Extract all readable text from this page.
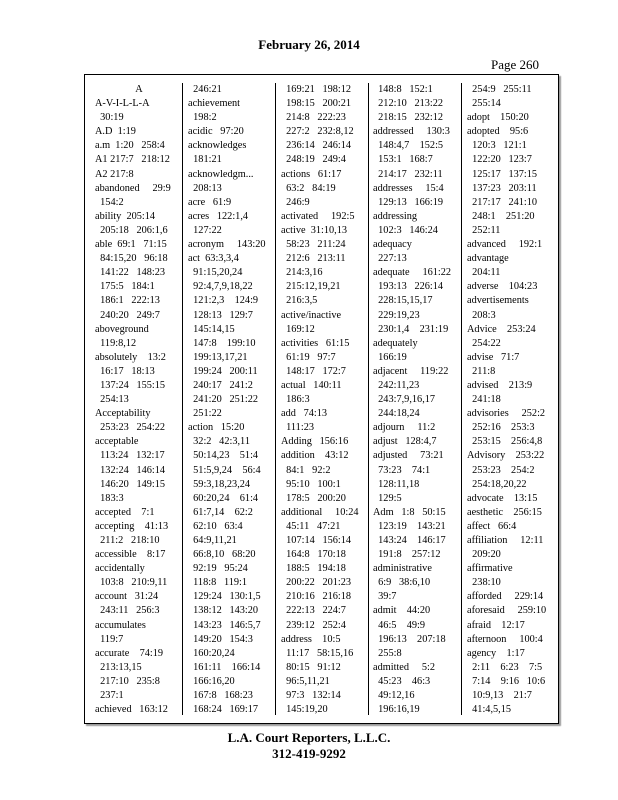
February 26, 2014
Page 260
A
A-V-I-L-L-A
30:19
A.D  1:19
a.m  1:20   258:4
A1 217:7   218:12
A2 217:8
abandoned     29:9
154:2
ability  205:14
205:18   206:1,6
able  69:1   71:15
84:15,20   96:18
141:22   148:23
175:5   184:1
186:1   222:13
240:20   249:7
aboveground
119:8,12
absolutely    13:2
16:17   18:13
137:24   155:15
254:13
Acceptability
253:23   254:22
acceptable
113:24   132:17
132:24   146:14
146:20   149:15
183:3
accepted    7:1
accepting    41:13
211:2   218:10
accessible    8:17
accidentally
103:8   210:9,11
account   31:24
243:11   256:3
accumulates
119:7
accurate    74:19
213:13,15
217:10   235:8
237:1
achieved   163:12
246:21
achievement
198:2
acidic   97:20
acknowledges
181:21
acknowledgm...
208:13
acre   61:9
acres   122:1,4
127:22
acronym     143:20
act  63:3,3,4
91:15,20,24
92:4,7,9,18,22
121:2,3    124:9
128:13   129:7
145:14,15
147:8    199:10
199:13,17,21
199:24   200:11
240:17   241:2
241:20   251:22
251:22
action   15:20
32:2   42:3,11
50:14,23    51:4
51:5,9,24    56:4
59:3,18,23,24
60:20,24    61:4
61:7,14    62:2
62:10   63:4
64:9,11,21
66:8,10   68:20
92:19   95:24
118:8   119:1
129:24   130:1,5
138:12   143:20
143:23   146:5,7
149:20   154:3
160:20,24
161:11    166:14
166:16,20
167:8   168:23
168:24   169:17
169:21   198:12
198:15   200:21
214:8   222:23
227:2   232:8,12
236:14   246:14
248:19   249:4
actions   61:17
63:2   84:19
246:9
activated     192:5
active  31:10,13
58:23   211:24
212:6   213:11
214:3,16
215:12,19,21
216:3,5
active/inactive
169:12
activities   61:15
61:19   97:7
148:17   172:7
actual   140:11
186:3
add   74:13
111:23
Adding   156:16
addition    43:12
84:1   92:2
95:10   100:1
178:5   200:20
additional     10:24
45:11   47:21
107:14   156:14
164:8   170:18
188:5   194:18
200:22   201:23
210:16   216:18
222:13   224:7
239:12   252:4
address    10:5
11:17   58:15,16
80:15   91:12
96:5,11,21
97:3   132:14
145:19,20
148:8   152:1
212:10   213:22
218:15   232:12
addressed     130:3
148:4,7    152:5
153:1   168:7
214:17   232:11
addresses     15:4
129:13   166:19
addressing
102:3   146:24
adequacy
227:13
adequate     161:22
193:13   226:14
228:15,15,17
229:19,23
230:1,4    231:19
adequately
166:19
adjacent     119:22
242:11,23
243:7,9,16,17
244:18,24
adjourn     11:2
adjust   128:4,7
adjusted     73:21
73:23    74:1
128:11,18
129:5
Adm   1:8   50:15
123:19    143:21
143:24    146:17
191:8    257:12
administrative
6:9   38:6,10
39:7
admit    44:20
46:5    49:9
196:13    207:18
255:8
admitted     5:2
45:23    46:3
49:12,16
196:16,19
254:9   255:11
255:14
adopt    150:20
adopted    95:6
120:3   121:1
122:20   123:7
125:17   137:15
137:23   203:11
217:17   241:10
248:1    251:20
252:11
advanced     192:1
advantage
204:11
adverse    104:23
advertisements
208:3
Advice    253:24
254:22
advise   71:7
211:8
advised    213:9
241:18
advisories     252:2
252:16    253:3
253:15    256:4,8
Advisory    253:22
253:23    254:2
254:18,20,22
advocate    13:15
aesthetic    256:15
affect   66:4
affiliation     12:11
209:20
affirmative
238:10
afforded     229:14
aforesaid     259:10
afraid    12:17
afternoon     100:4
agency    1:17
2:11    6:23    7:5
7:14    9:16   10:6
10:9,13    21:7
41:4,5,15
L.A. Court Reporters, L.L.C.
312-419-9292
